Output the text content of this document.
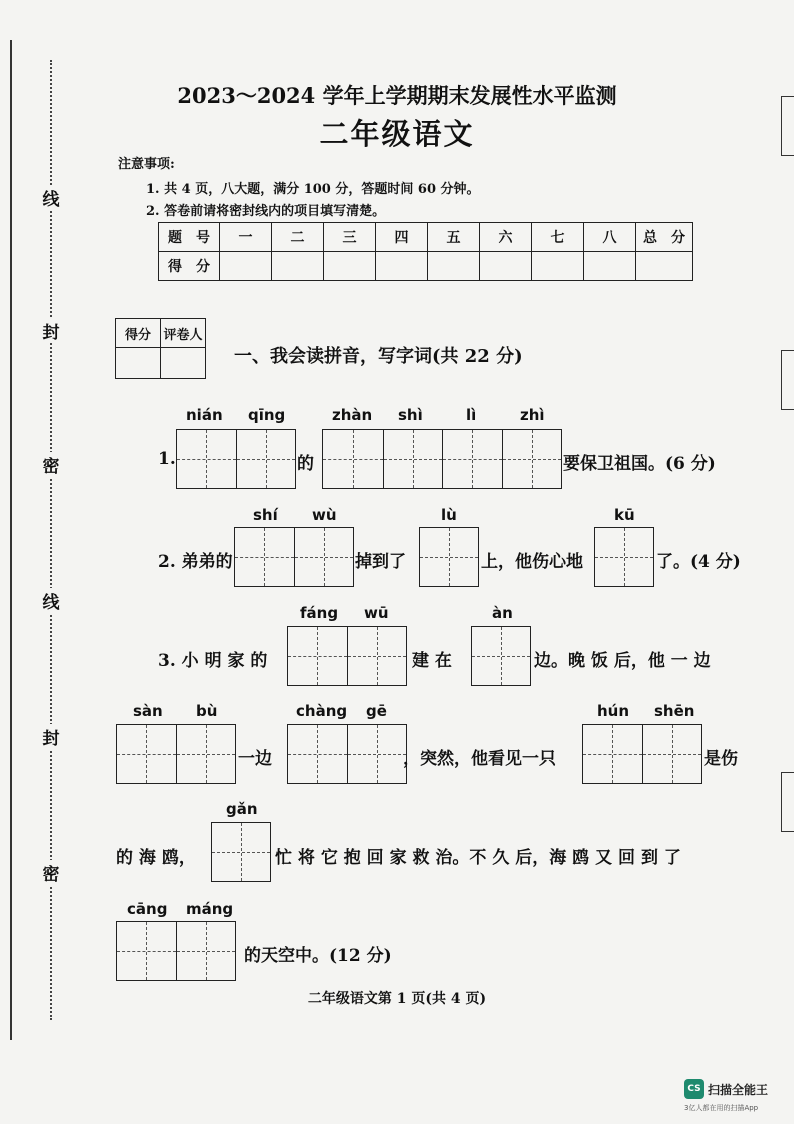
线
封
密
线
封
密
2023～2024 学年上学期期末发展性水平监测
二年级语文
注意事项:
1. 共 4 页，八大题，满分 100 分，答题时间 60 分钟。
2. 答卷前请将密封线内的项目填写清楚。
题　号	一	二	三	四	五	六	七	八	总　分
得　分									
得分	评卷人

一、我会读拼音，写字词(共 22 分)
nián qīng
1.	的
zhàn shì	lì	zhì
要保卫祖国。(6 分)
shí wù
2. 弟弟的	掉到了
lù
上，他伤心地
kū
了。(4 分)
fáng wū
3. 小 明 家 的	建 在
àn
边。晚 饭 后，他 一 边
sàn bù
一边
chàng gē
，突然，他看见一只
hún shēn
是伤
gǎn
的 海 鸥，	忙 将 它 抱 回 家 救 治。不 久 后，海 鸥 又 回 到 了
cāng máng
的天空中。(12 分)
二年级语文第 1 页(共 4 页)
CS 扫描全能王
3亿人都在用的扫描App
